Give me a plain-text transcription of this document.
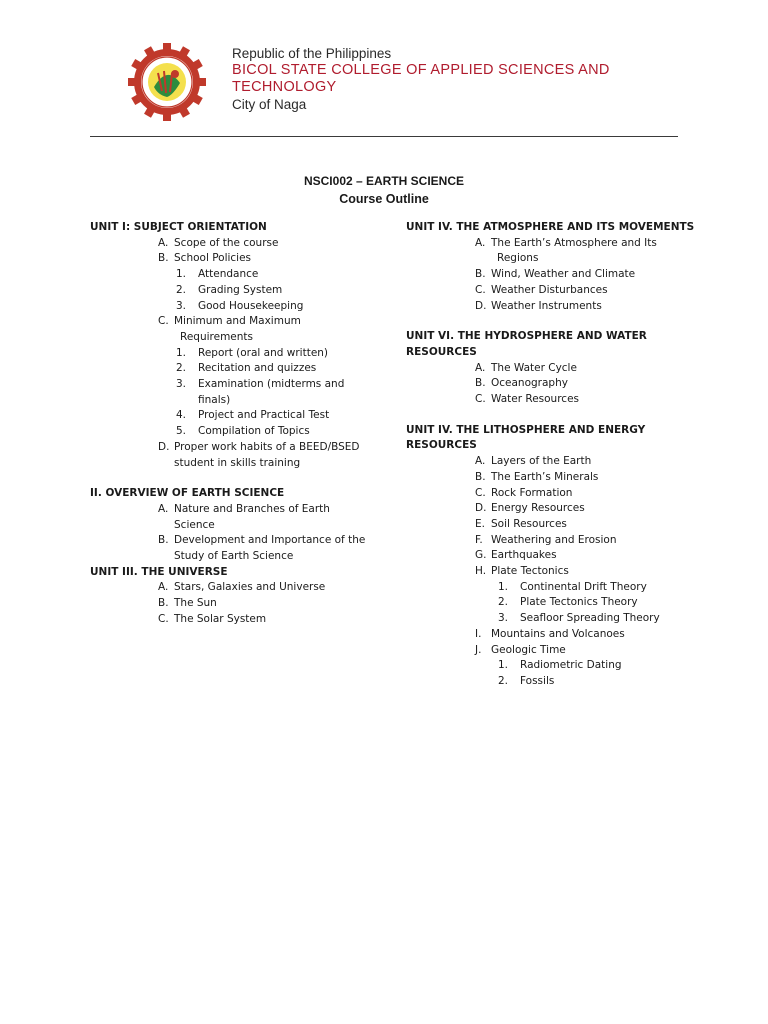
Republic of the Philippines
BICOL STATE COLLEGE OF APPLIED SCIENCES AND
TECHNOLOGY
City of Naga
NSCI002 – EARTH SCIENCE
Course Outline
UNIT I: SUBJECT ORIENTATION
A. Scope of the course
B. School Policies
1. Attendance
2. Grading System
3. Good Housekeeping
C. Minimum and Maximum
Requirements
1. Report (oral and written)
2. Recitation and quizzes
3. Examination (midterms and
finals)
4. Project and Practical Test
5. Compilation of Topics
D. Proper work habits of a BEED/BSED
student in skills training
II. OVERVIEW OF EARTH SCIENCE
A. Nature and Branches of Earth
Science
B. Development and Importance of the
Study of Earth Science
UNIT III. THE UNIVERSE
A. Stars, Galaxies and Universe
B. The Sun
C. The Solar System
UNIT IV. THE ATMOSPHERE AND ITS MOVEMENTS
A. The Earth’s Atmosphere and Its
Regions
B. Wind, Weather and Climate
C. Weather Disturbances
D. Weather Instruments
UNIT VI. THE HYDROSPHERE AND WATER
RESOURCES
A. The Water Cycle
B. Oceanography
C. Water Resources
UNIT IV. THE LITHOSPHERE AND ENERGY
RESOURCES
A. Layers of the Earth
B. The Earth’s Minerals
C. Rock Formation
D. Energy Resources
E. Soil Resources
F. Weathering and Erosion
G. Earthquakes
H. Plate Tectonics
1. Continental Drift Theory
2. Plate Tectonics Theory
3. Seafloor Spreading Theory
I. Mountains and Volcanoes
J. Geologic Time
1. Radiometric Dating
2. Fossils
